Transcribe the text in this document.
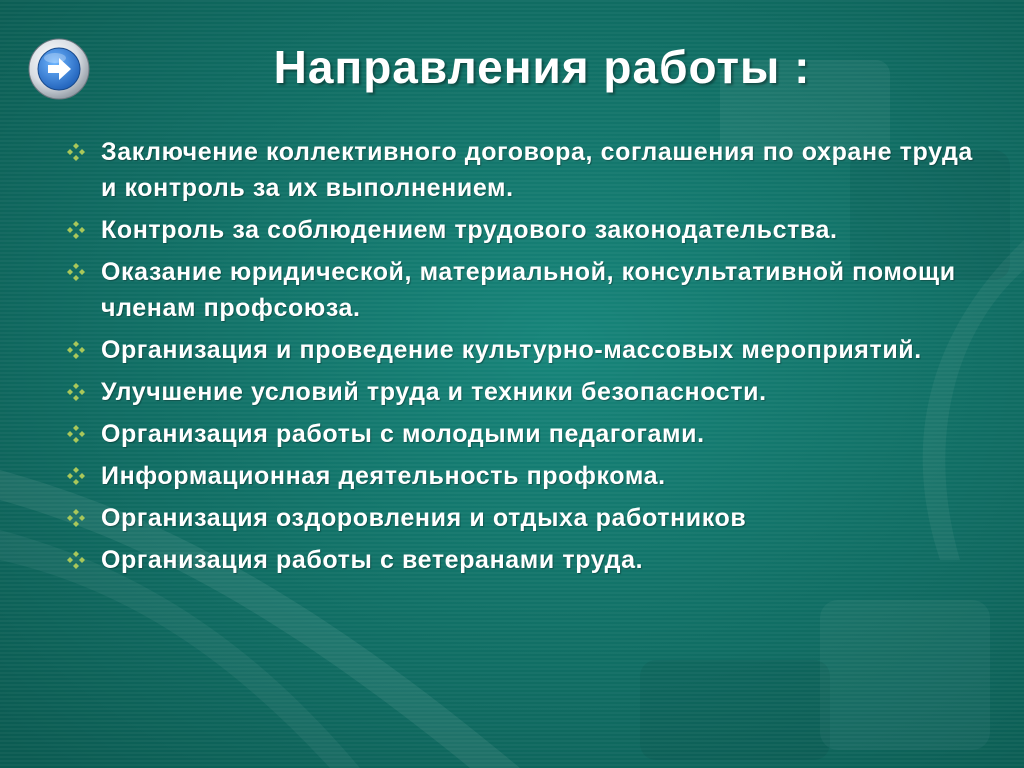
Направления работы :
Заключение коллективного договора, соглашения по охране труда и контроль за их выполнением.
Контроль за соблюдением трудового законодательства.
Оказание юридической, материальной, консультативной помощи членам профсоюза.
Организация и проведение культурно-массовых мероприятий.
Улучшение условий труда и техники безопасности.
Организация работы с молодыми педагогами.
Информационная деятельность профкома.
Организация оздоровления и отдыха работников
Организация работы с ветеранами труда.
